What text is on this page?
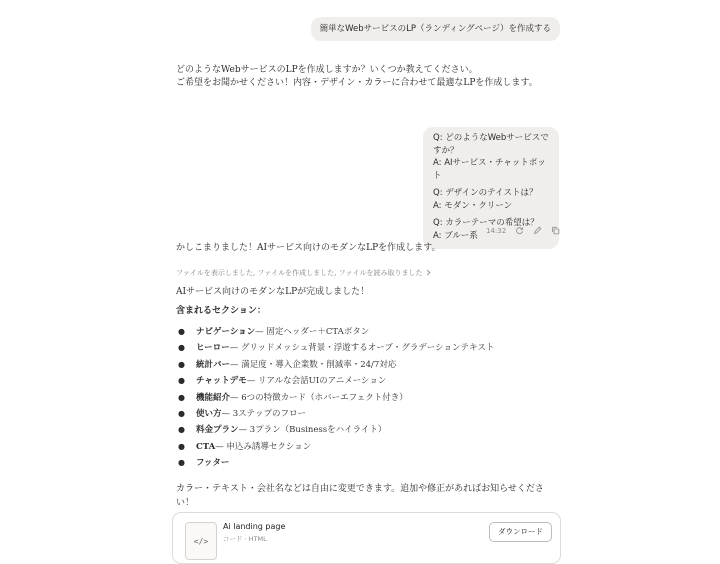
簡単なWebサービスのLP（ランディングページ）を作成する
どのようなWebサービスのLPを作成しますか？いくつか教えてください。
ご希望をお聞かせください！内容・デザイン・カラーに合わせて最適なLPを作成します。
Q: どのようなWebサービスですか？
A: AIサービス・チャットボット
Q: デザインのテイストは？
A: モダン・クリーン
Q: カラーテーマの希望は？
A: ブルー系	14:32
かしこまりました！AIサービス向けのモダンなLPを作成します。
ファイルを表示しました, ファイルを作成しました, ファイルを読み取りました
AIサービス向けのモダンなLPが完成しました！
含まれるセクション：
●	ナビゲーション — 固定ヘッダー＋CTAボタン
●	ヒーロー — グリッドメッシュ背景・浮遊するオーブ・グラデーションテキスト
●	統計バー — 満足度・導入企業数・削減率・24/7対応
●	チャットデモ — リアルな会話UIのアニメーション
●	機能紹介 — 6つの特徴カード（ホバーエフェクト付き）
●	使い方 — 3ステップのフロー
●	料金プラン — 3プラン（Businessをハイライト）
●	CTA — 申込み誘導セクション
●	フッター
カラー・テキスト・会社名などは自由に変更できます。追加や修正があればお知らせくださ
い！
</>
Ai landing page
コード · HTML
ダウンロード
